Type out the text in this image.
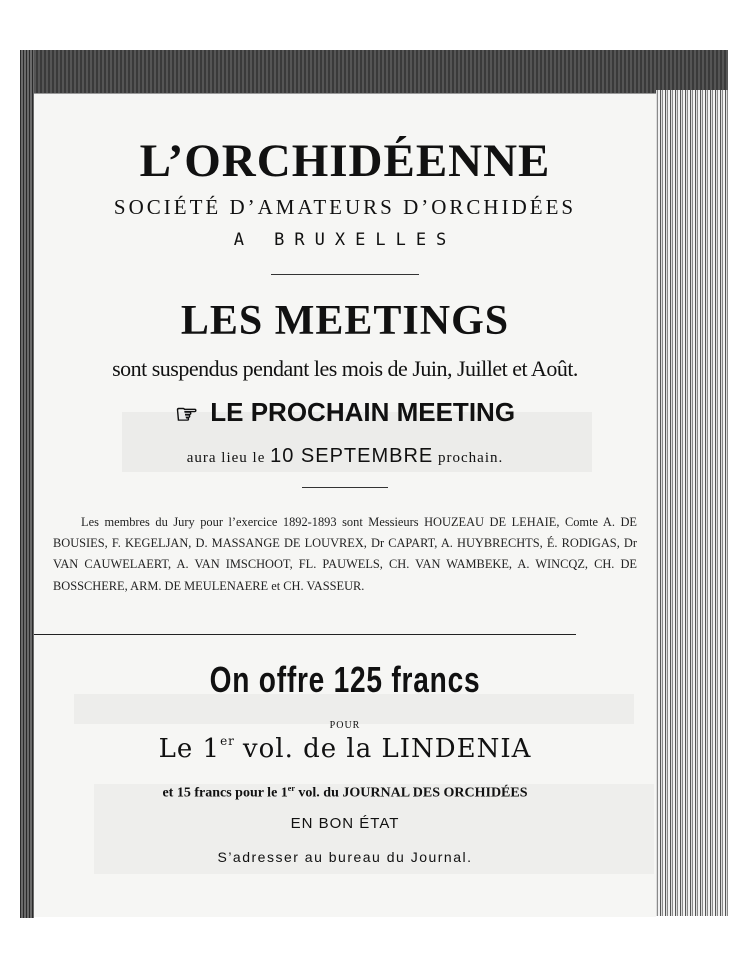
L’ORCHIDÉENNE
SOCIÉTÉ D’AMATEURS D’ORCHIDÉES
A BRUXELLES
LES MEETINGS
sont suspendus pendant les mois de Juin, Juillet et Août.
☞ LE PROCHAIN MEETING
aura lieu le 10 SEPTEMBRE prochain.
Les membres du Jury pour l’exercice 1892-1893 sont Messieurs HOUZEAU DE LEHAIE, Comte A. DE BOUSIES, F. KEGELJAN, D. MASSANGE DE LOUVREX, Dr CAPART, A. HUYBRECHTS, É. RODIGAS, Dr VAN CAUWELAERT, A. VAN IMSCHOOT, FL. PAUWELS, CH. VAN WAMBEKE, A. WINCQZ, CH. DE BOSSCHERE, ARM. DE MEULENAERE et CH. VASSEUR.
On offre 125 francs
POUR
Le 1er vol. de la LINDENIA
et 15 francs pour le 1er vol. du JOURNAL DES ORCHIDÉES
EN BON ÉTAT
S’adresser au bureau du Journal.
